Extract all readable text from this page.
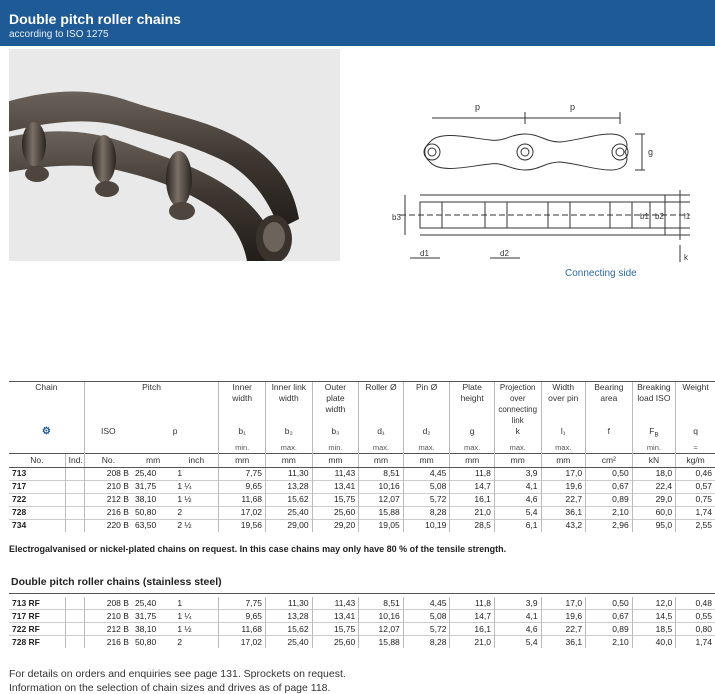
Double pitch roller chains
according to ISO 1275
p	p
g
b3	b1 b2	l1
d1	d2	k
Connecting side
Chain		Pitch			Inner width	Inner link width	Outer plate width	Roller Ø	Pin Ø	Plate height	Projection over connecting link	Width over pin	Bearing area	Breaking load ISO	Weight
⚙		ISO	p		b₁	b₂	b₃	d₁	d₂	g	k	l₁	f	$F_B$	q
					min.	max.	min.	max.	max.	max.	max.	max.		min.	≈
No.	Ind.	No.	mm	inch	mm	mm	mm	mm	mm	mm	mm	mm	cm²	kN	kg/m
713		208 B	25,40	1	7,75	11,30	11,43	8,51	4,45	11,8	3,9	17,0	0,50	18,0	0,46
717		210 B	31,75	1 ¼	9,65	13,28	13,41	10,16	5,08	14,7	4,1	19,6	0,67	22,4	0,57
722		212 B	38,10	1 ½	11,68	15,62	15,75	12,07	5,72	16,1	4,6	22,7	0,89	29,0	0,75
728		216 B	50,80	2	17,02	25,40	25,60	15,88	8,28	21,0	5,4	36,1	2,10	60,0	1,74
734		220 B	63,50	2 ½	19,56	29,00	29,20	19,05	10,19	28,5	6,1	43,2	2,96	95,0	2,55
Electrogalvanised or nickel-plated chains on request. In this case chains may only have 80 % of the tensile strength.
Double pitch roller chains (stainless steel)
713 RF		208 B	25,40	1	7,75	11,30	11,43	8,51	4,45	11,8	3,9	17,0	0,50	12,0	0,48
717 RF		210 B	31,75	1 ¼	9,65	13,28	13,41	10,16	5,08	14,7	4,1	19,6	0,67	14,5	0,55
722 RF		212 B	38,10	1 ½	11,68	15,62	15,75	12,07	5,72	16,1	4,6	22,7	0,89	18,5	0,80
728 RF		216 B	50,80	2	17,02	25,40	25,60	15,88	8,28	21,0	5,4	36,1	2,10	40,0	1,74
For details on orders and enquiries see page 131. Sprockets on request.
Information on the selection of chain sizes and drives as of page 118.
